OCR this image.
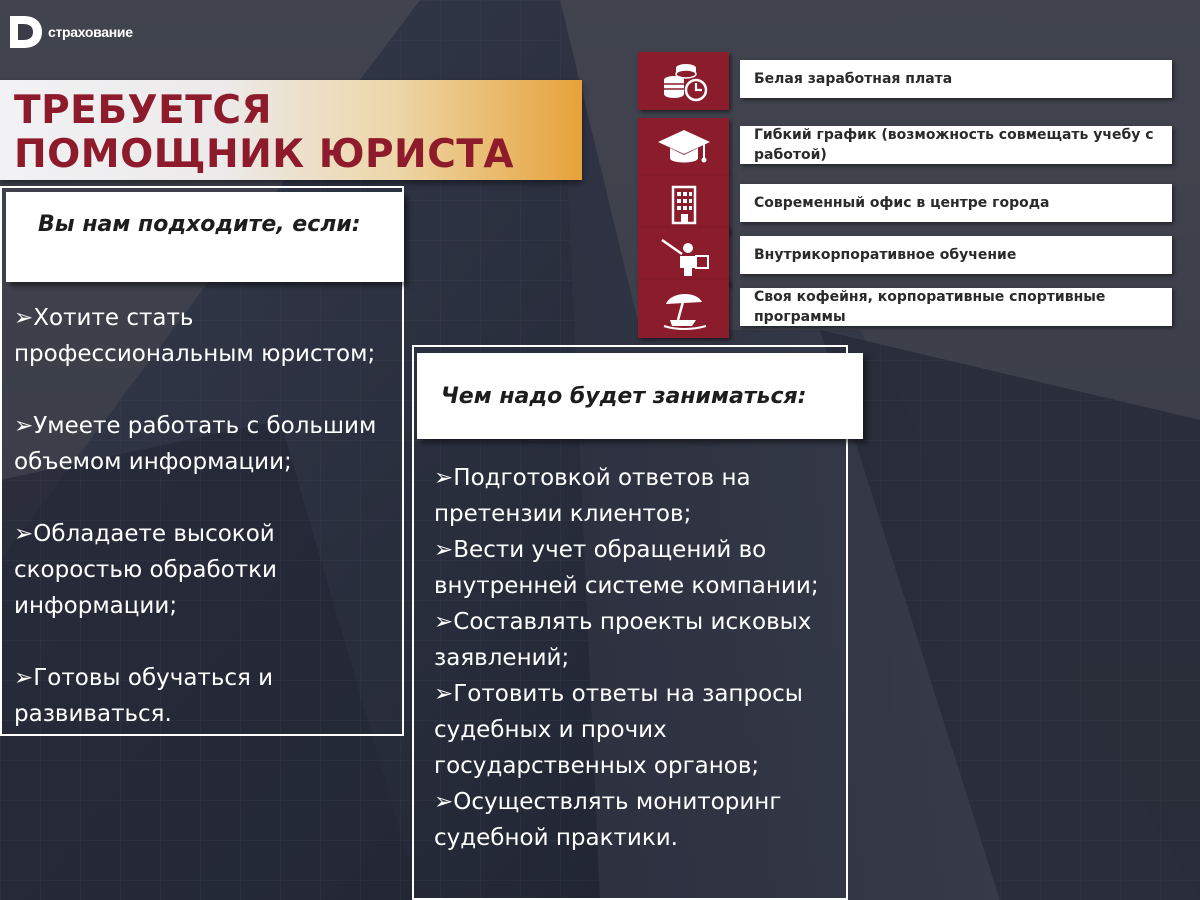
страхование
ТРЕБУЕТСЯ
ПОМОЩНИК ЮРИСТА
Белая заработная плата
Гибкий график (возможность совмещать учебу с работой)
Современный офис в центре города
Внутрикорпоративное обучение
Своя кофейня, корпоративные спортивные программы
Вы нам подходите, если:
➢Хотите стать профессиональным юристом;
➢Умеете работать с большим объемом информации;
➢Обладаете высокой скоростью обработки информации;
➢Готовы обучаться и развиваться.
Чем надо будет заниматься:
➢Подготовкой ответов на претензии клиентов;
➢Вести учет обращений во внутренней системе компании;
➢Составлять проекты исковых заявлений;
➢Готовить ответы на запросы судебных и прочих государственных органов;
➢Осуществлять мониторинг судебной практики.
